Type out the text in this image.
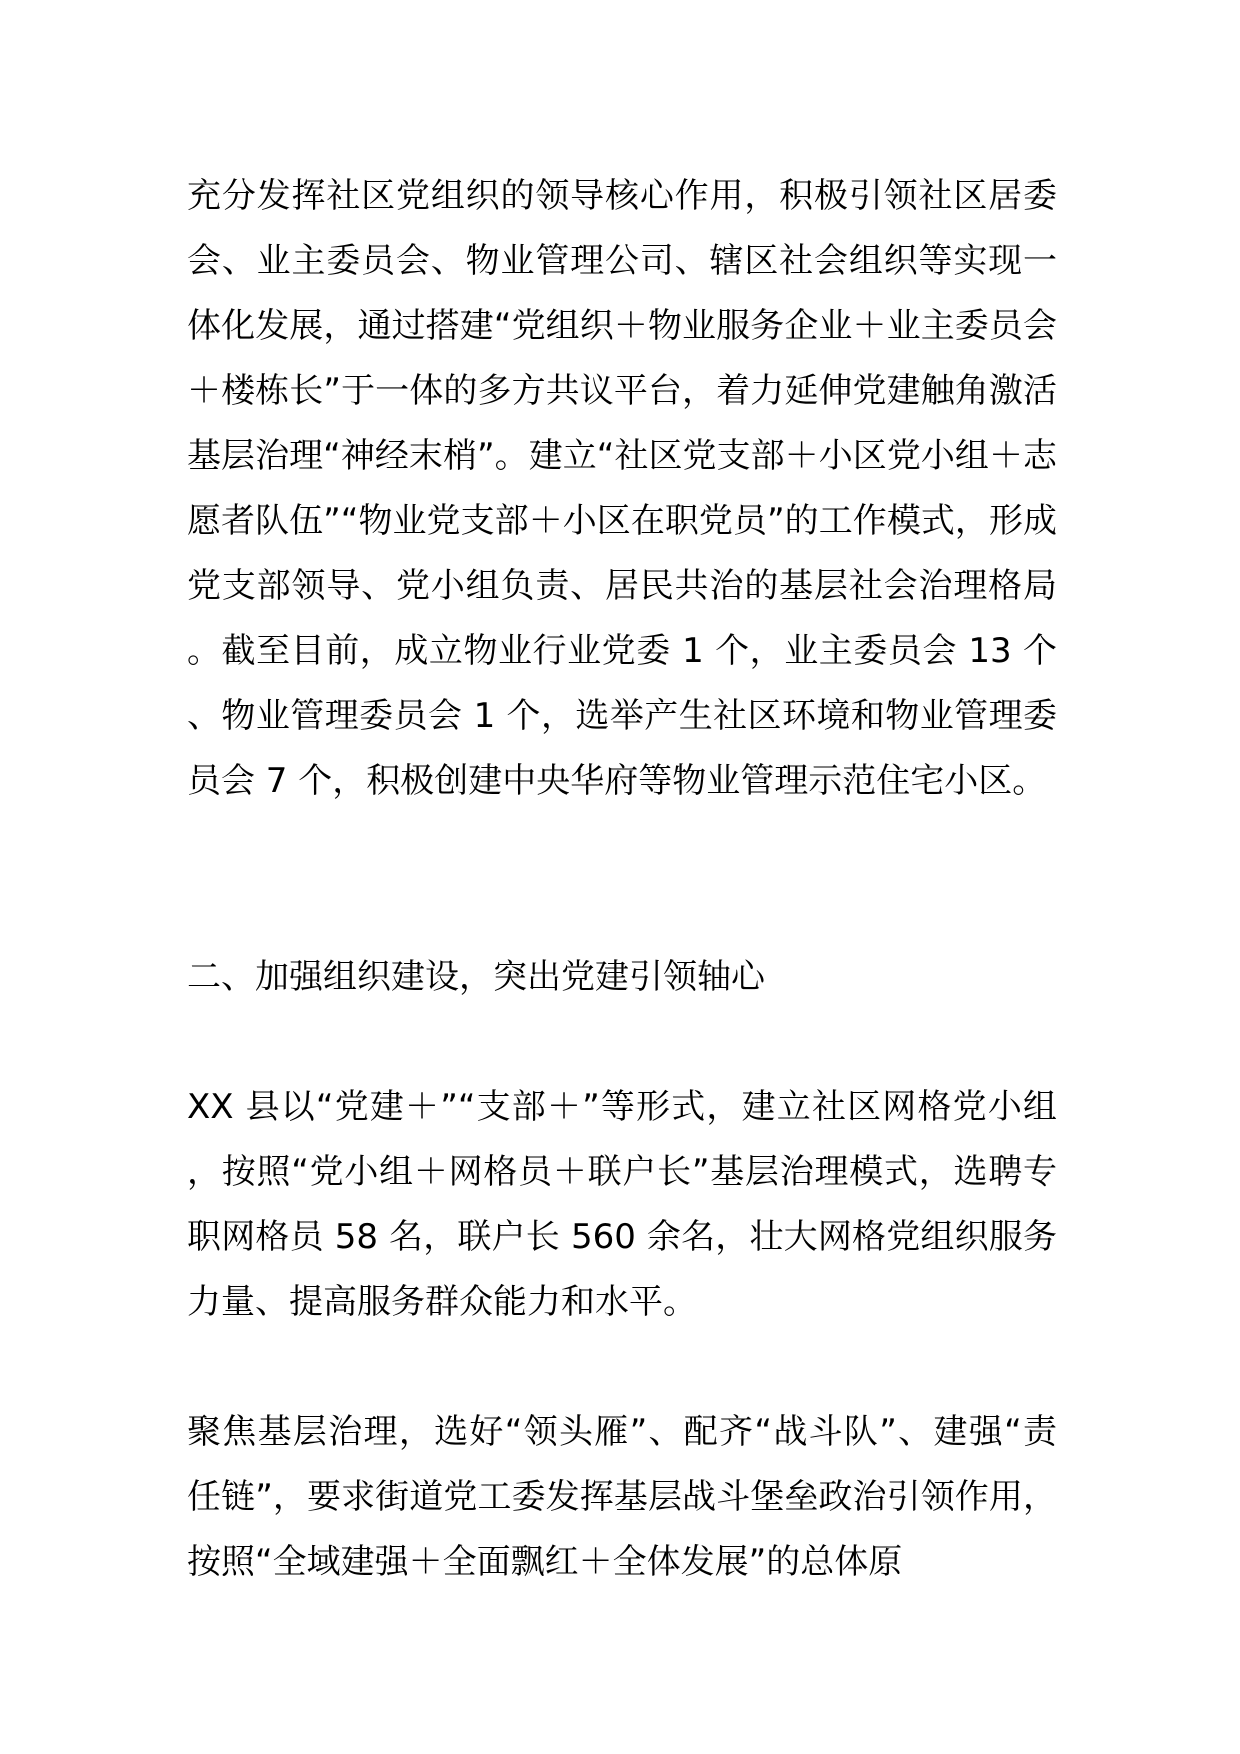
充分发挥社区党组织的领导核心作用，积极引领社区居委会、业主委员会、物业管理公司、辖区社会组织等实现一体化发展，通过搭建“党组织＋物业服务企业＋业主委员会＋楼栋长”于一体的多方共议平台，着力延伸党建触角激活基层治理“神经末梢”。建立“社区党支部＋小区党小组＋志愿者队伍”“物业党支部＋小区在职党员”的工作模式，形成党支部领导、党小组负责、居民共治的基层社会治理格局。截至目前，成立物业行业党委 1 个，业主委员会 13 个、物业管理委员会 1 个，选举产生社区环境和物业管理委员会 7 个，积极创建中央华府等物业管理示范住宅小区。

二、加强组织建设，突出党建引领轴心

XX 县以“党建＋”“支部＋”等形式，建立社区网格党小组，按照“党小组＋网格员＋联户长”基层治理模式，选聘专职网格员 58 名，联户长 560 余名，壮大网格党组织服务力量、提高服务群众能力和水平。

聚焦基层治理，选好“领头雁”、配齐“战斗队”、建强“责任链”，要求街道党工委发挥基层战斗堡垒政治引领作用，按照“全域建强＋全面飘红＋全体发展”的总体原
